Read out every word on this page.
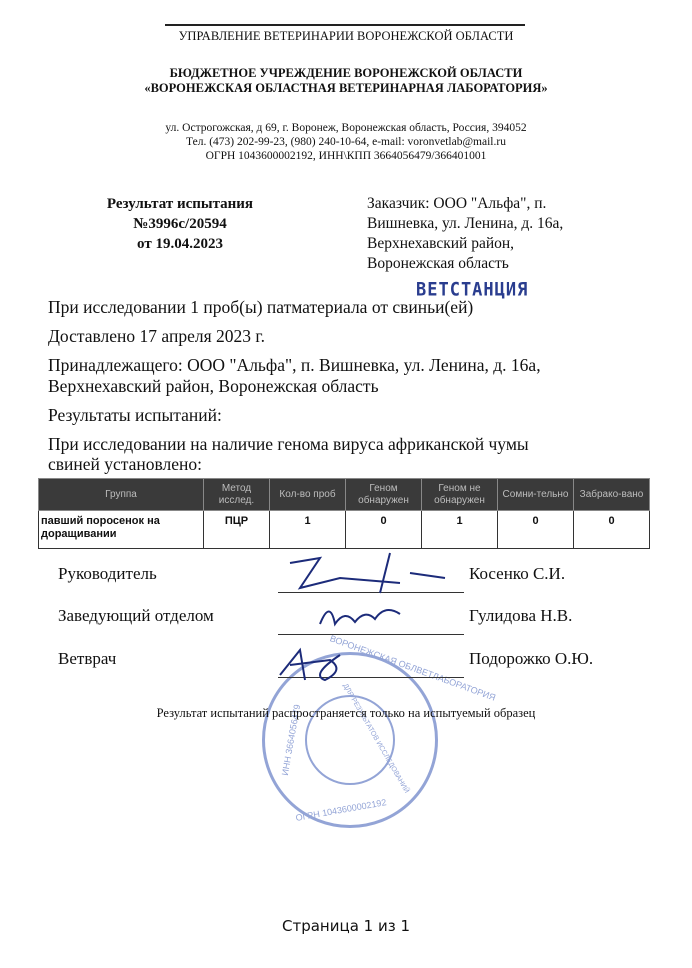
УПРАВЛЕНИЕ ВЕТЕРИНАРИИ ВОРОНЕЖСКОЙ ОБЛАСТИ
БЮДЖЕТНОЕ УЧРЕЖДЕНИЕ ВОРОНЕЖСКОЙ ОБЛАСТИ
«ВОРОНЕЖСКАЯ ОБЛАСТНАЯ ВЕТЕРИНАРНАЯ ЛАБОРАТОРИЯ»
ул. Острогожская, д 69, г. Воронеж, Воронежская область, Россия, 394052
Тел. (473) 202-99-23, (980) 240-10-64, e-mail: voronvetlab@mail.ru
ОГРН 1043600002192, ИНН\КПП 3664056479/366401001
Результат испытания
№3996с/20594
от 19.04.2023
Заказчик: ООО "Альфа", п.
Вишневка, ул. Ленина, д. 16а,
Верхнехавский район,
Воронежская область
ВЕТСТАНЦИЯ
При исследовании 1 проб(ы) патматериала от свиньи(ей)
Доставлено 17 апреля 2023 г.
Принадлежащего: ООО "Альфа", п. Вишневка, ул. Ленина, д. 16а,
Верхнехавский район, Воронежская область
Результаты испытаний:
При исследовании на наличие генома вируса африканской чумы
свиней установлено:
Группа	Метод исслед.	Кол-во проб	Геном обнаружен	Геном не обнаружен	Сомни-тельно	Забрако-вано
павший поросенок на доращивании	ПЦР	1	0	1	0	0
ВОРОНЕЖСКАЯ ОБЛВЕТЛАБОРАТОРИЯ
ОГРН 1043600002192
ИНН 3664056479	ДЛЯ РЕЗУЛЬТАТОВ ИССЛЕДОВАНИЙ
Руководитель	Косенко С.И.
Заведующий отделом	Гулидова Н.В.
Ветврач	Подорожко О.Ю.
Результат испытаний распространяется только на испытуемый образец
Страница 1 из 1
